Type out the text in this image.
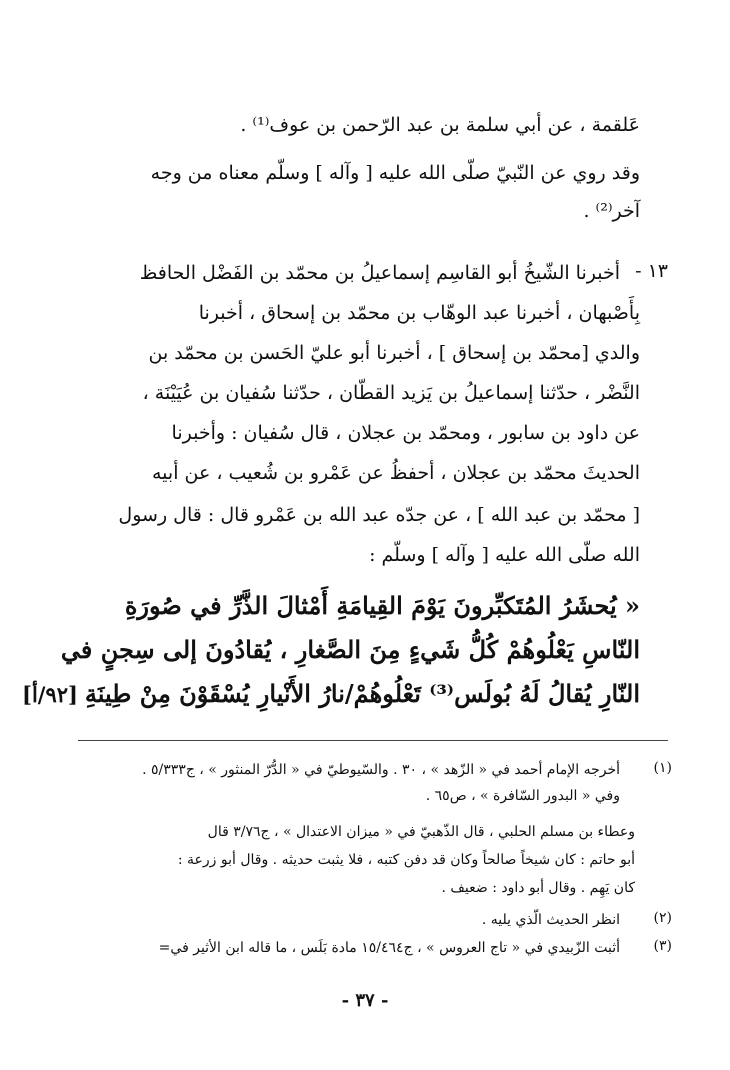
عَلقمة ، عن أبي سلمة بن عبد الرّحمن بن عوف⁽¹⁾ .
وقد روي عن النّبيّ صلّى الله عليه [ وآله ] وسلّم معناه من وجه
آخر⁽²⁾ .
١٣ -
أخبرنا الشّيخُ أبو القاسِم إسماعيلُ بن محمّد بن الفَضْل الحافظ
بِأَصْبهان ، أخبرنا عبد الوهّاب بن محمّد بن إسحاق ، أخبرنا
والدي [محمّد بن إسحاق ] ، أخبرنا أبو عليّ الحَسن بن محمّد بن
النَّضْر ، حدّثنا إسماعيلُ بن يَزيد القطّان ، حدّثنا سُفيان بن عُيَيْنَة ،
عن داود بن سابور ، ومحمّد بن عجلان ، قال سُفيان : وأخبرنا
الحديثَ محمّد بن عجلان ، أحفظُ عن عَمْرو بن شُعيب ، عن أبيه
[ محمّد بن عبد الله ] ، عن جدّه عبد الله بن عَمْرو قال : قال رسول
الله صلّى الله عليه [ وآله ] وسلّم :
« يُحشَرُ المُتَكبِّرونَ يَوْمَ القِيامَةِ أَمْثالَ الذَّرِّ في صُورَةِ
النّاسِ يَعْلُوهُمْ كُلُّ شَيءٍ مِنَ الصَّغارِ ، يُقادُونَ إلى سِجنٍ في
النّارِ يُقالُ لَهُ بُولَس⁽³⁾ تَعْلُوهُمْ/نارُ الأَنْيارِ يُسْقَوْنَ مِنْ طِينَةِ
[٩٢/أ]
(١)
أخرجه الإمام أحمد في « الزّهد » ، ٣٠ . والسّيوطيّ في « الدُّرّ المنثور » ، ج٥/٣٣٣ .
وفي « البدور السّافرة » ، ص٦٥ .
وعطاء بن مسلم الحلبي ، قال الذّهبيّ في « ميزان الاعتدال » ، ج٣/٧٦ قال
أبو حاتم : كان شيخاً صالحاً وكان قد دفن كتبه ، فلا يثبت حديثه . وقال أبو زرعة :
كان يَهِم . وقال أبو داود : ضعيف .
(٢)
انظر الحديث الّذي يليه .
(٣)
أثبت الزّبيدي في « تاج العروس » ، ج١٥/٤٦٤ مادة بَلَس ، ما قاله ابن الأثير في=
- ٣٧ -
